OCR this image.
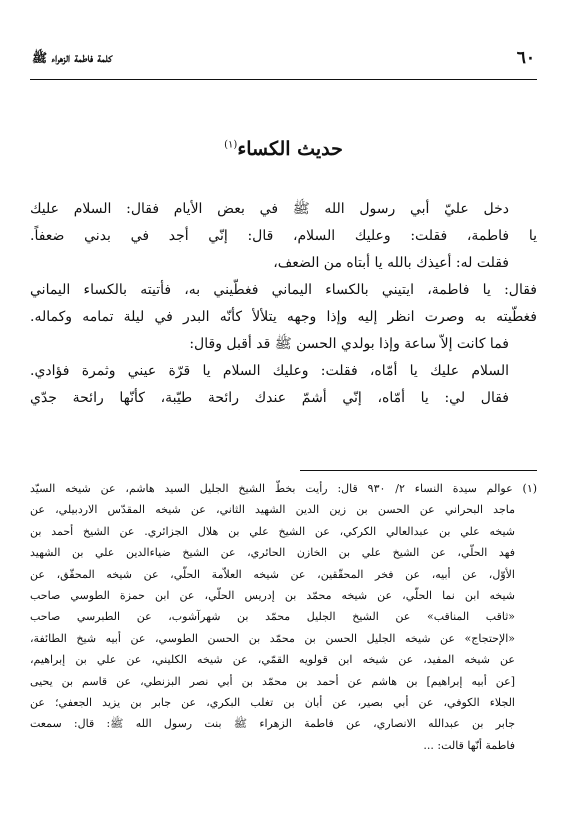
٦٠
كلمة فاطمة الزهراء ﷺ
حديث الكساء$^{(١)}$
دخل عليّ أبي رسول الله ﷺ في بعض الأيام فقال: السلام عليك
يا فاطمة، فقلت: وعليك السلام، قال: إنّي أجد في بدني ضعفاً.
فقلت له: أعيذك بالله يا أبتاه من الضعف،
فقال: يا فاطمة، ايتيني بالكساء اليماني فغطّيني به، فأتيته بالكساء اليماني
فغطّيته به وصرت انظر إليه وإذا وجهه يتلألأ كأنّه البدر في ليلة تمامه وكماله.
فما كانت إلاّ ساعة وإذا بولدي الحسن ﷺ قد أقبل وقال:
السلام عليك يا أمّاه، فقلت: وعليك السلام يا قرّة عيني وثمرة فؤادي.
فقال لي: يا أمّاه، إنّي أشمّ عندك رائحة طيّبة، كأنّها رائحة جدّي
(١) عوالم سيدة النساء ٢/ ٩٣٠ قال: رأيت بخطّ الشيخ الجليل السيد هاشم، عن شيخه السيّد
ماجد البحراني عن الحسن بن زين الدين الشهيد الثاني، عن شيخه المقدّس الاردبيلي، عن
شيخه علي بن عبدالعالي الكركي، عن الشيخ علي بن هلال الجزائري. عن الشيخ أحمد بن
فهد الحلّي، عن الشيخ علي بن الخازن الحائري، عن الشيخ ضياءالدين علي بن الشهيد
الأوّل، عن أبيه، عن فخر المحقّقين، عن شيخه العلاّمة الحلّي، عن شيخه المحقّق، عن
شيخه ابن نما الحلّي، عن شيخه محمّد بن إدريس الحلّي، عن ابن حمزة الطوسي صاحب
«ثاقب المناقب» عن الشيخ الجليل محمّد بن شهرآشوب، عن الطبرسي صاحب
«الإحتجاج» عن شيخه الجليل الحسن بن محمّد بن الحسن الطوسي، عن أبيه شيخ الطائفة،
عن شيخه المفيد، عن شيخه ابن قولويه القمّي، عن شيخه الكليني، عن علي بن إبراهيم،
[عن أبيه إبراهيم] بن هاشم عن أحمد بن محمّد بن أبي نصر البزنطي، عن قاسم بن يحيى
الجلاء الكوفي، عن أبي بصير، عن أبان بن تغلب البكري، عن جابر بن يزيد الجعفي؛ عن
جابر بن عبدالله الانصاري، عن فاطمة الزهراء ﷺ بنت رسول الله ﷺ: قال: سمعت
فاطمة أنّها قالت: ...
